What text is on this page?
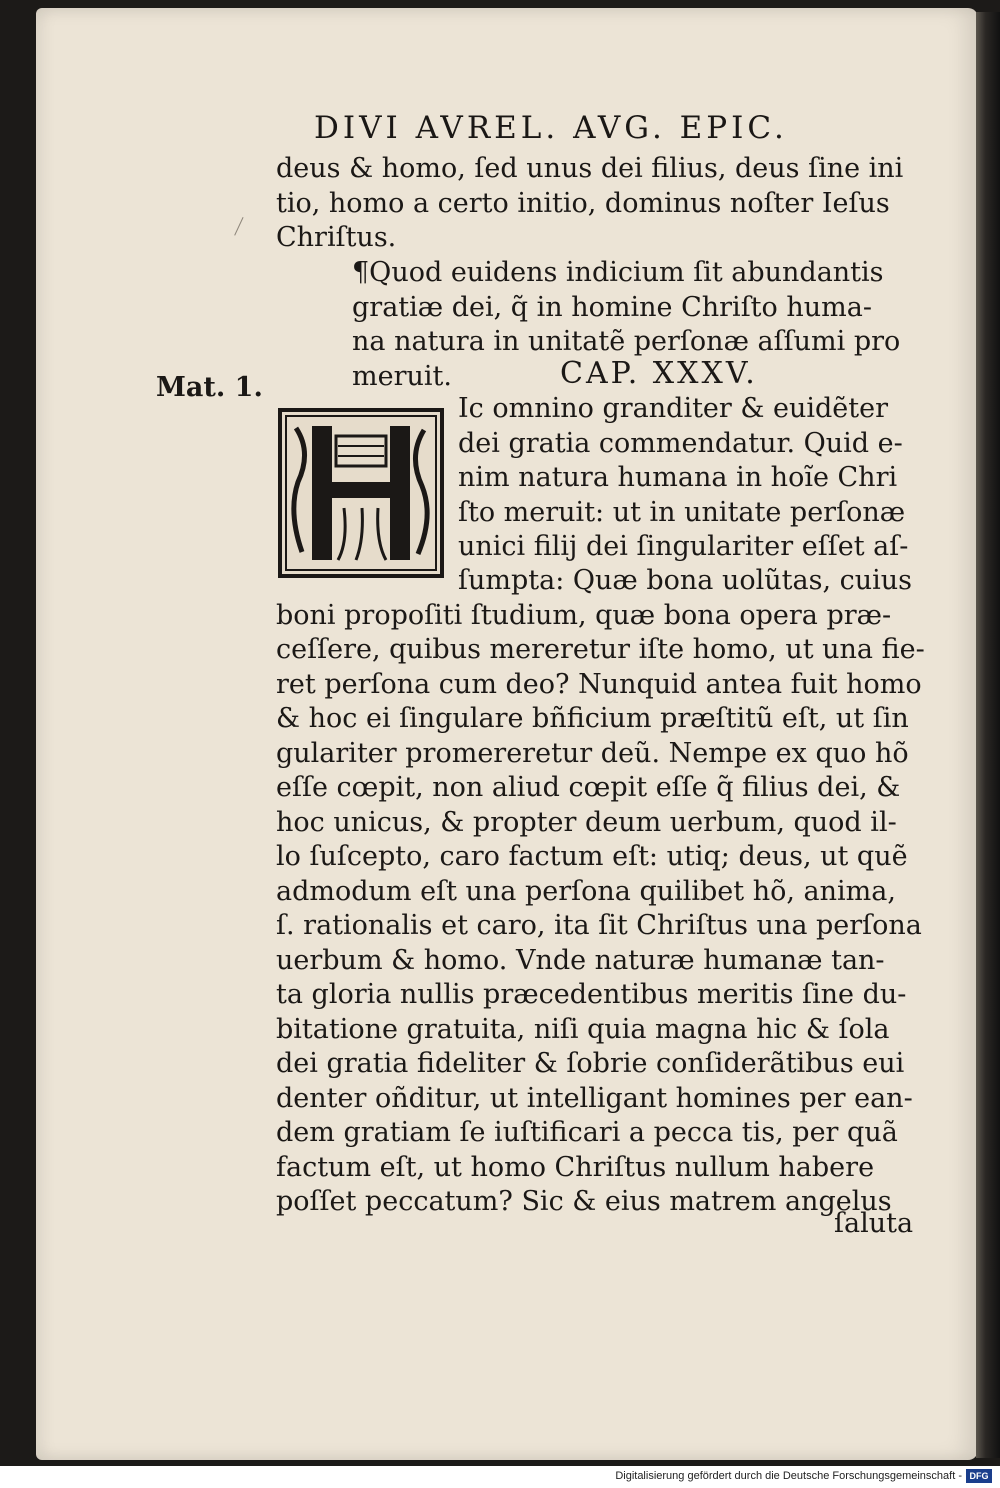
DIVI AVREL. AVG. EPIC.
deus & homo, ſed unus dei filius, deus ſine ini
tio, homo a certo initio, dominus noſter Ieſus
Chriſtus.
¶Quod euidens indicium ſit abundantis
gratiæ dei, q̃ in homine Chriſto huma-
na natura in unitatẽ perſonæ aſſumi pro
meruit.	CAP. XXXV.
Mat. 1.
Ic omnino granditer & euidẽter
dei gratia commendatur. Quid e-
nim natura humana in hoĩe Chri
ſto meruit: ut in unitate perſonæ
unici filij dei ſingulariter eſſet aſ-
ſumpta: Quæ bona uolũtas, cuius
boni propoſiti ſtudium, quæ bona opera præ-
ceſſere, quibus mereretur iſte homo, ut una fie-
ret perſona cum deo? Nunquid antea fuit homo
& hoc ei ſingulare bñficium præſtitũ eſt, ut ſin
gulariter promereretur deũ. Nempe ex quo hõ
eſſe cœpit, non aliud cœpit eſſe q̃ filius dei, &
hoc unicus, & propter deum uerbum, quod il-
lo ſuſcepto, caro factum eſt: utiq; deus, ut quẽ
admodum eſt una perſona quilibet hõ, anima,
ſ. rationalis et caro, ita ſit Chriſtus una perſona
uerbum & homo. Vnde naturæ humanæ tan-
ta gloria nullis præcedentibus meritis ſine du-
bitatione gratuita, niſi quia magna hic & ſola
dei gratia fideliter & ſobrie conſiderãtibus eui
denter oñditur, ut intelligant homines per ean-
dem gratiam ſe iuſtificari a pecca tis, per quã
factum eſt, ut homo Chriſtus nullum habere
poſſet peccatum? Sic & eius matrem angelus
ſaluta
Digitalisierung gefördert durch die Deutsche Forschungsgemeinschaft - DFG
